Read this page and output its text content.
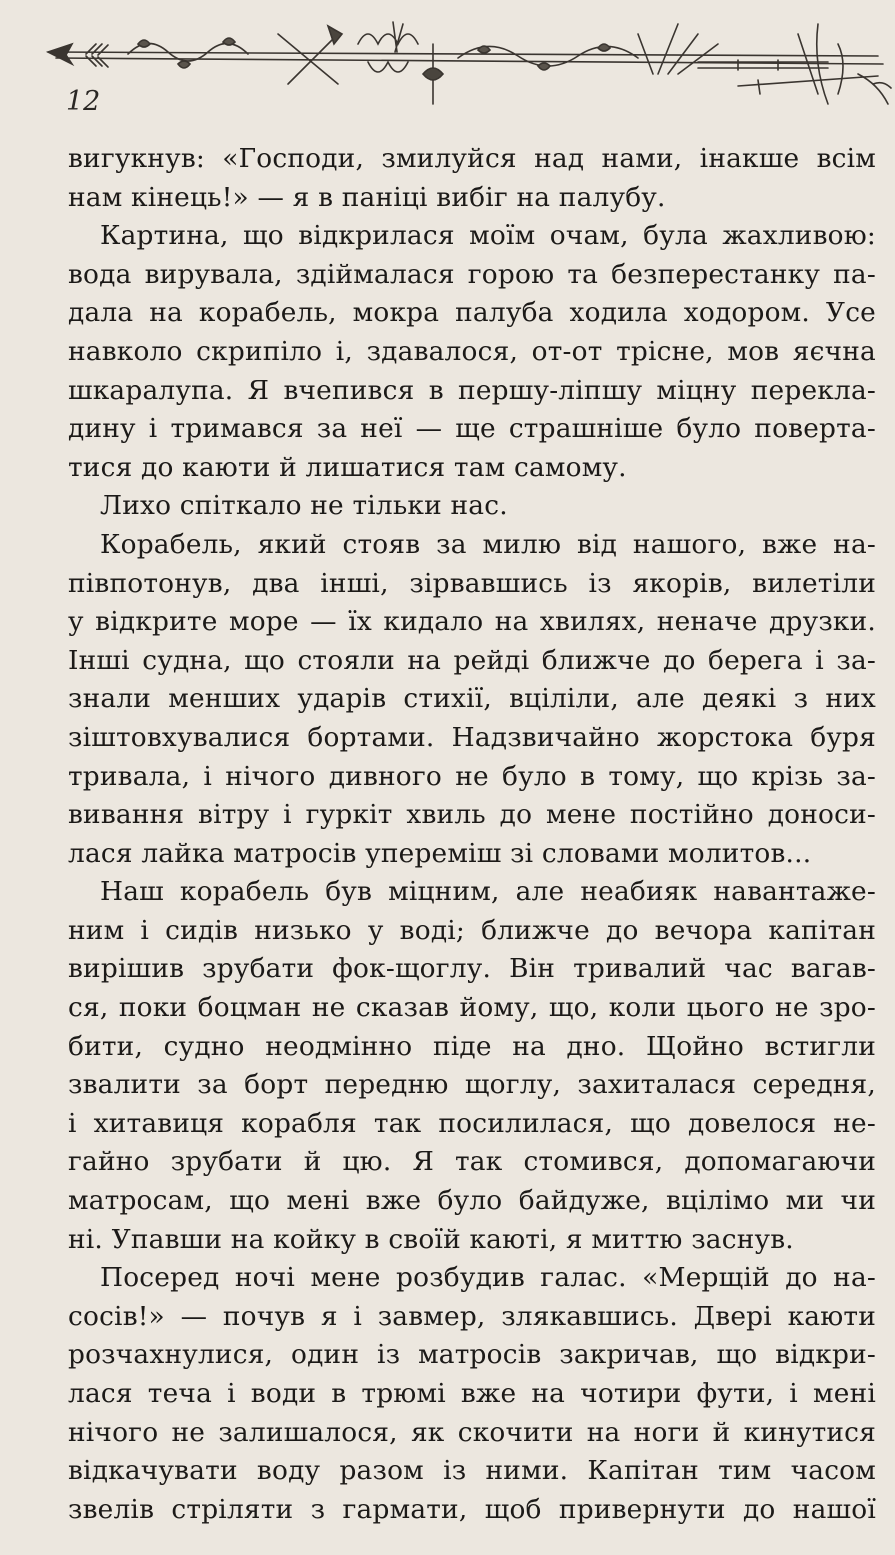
12
вигукнув: «Господи, змилуйся над нами, інакше всім
нам кінець!» — я в паніці вибіг на палубу.
Картина, що відкрилася моїм очам, була жахливою:
вода вирувала, здіймалася горою та безперестанку па-
дала на корабель, мокра палуба ходила ходором. Усе
навколо скрипіло і, здавалося, от-от трісне, мов яєчна
шкаралупа. Я вчепився в першу-ліпшу міцну перекла-
дину і тримався за неї — ще страшніше було поверта-
тися до каюти й лишатися там самому.
Лихо спіткало не тільки нас.
Корабель, який стояв за милю від нашого, вже на-
півпотонув, два інші, зірвавшись із якорів, вилетіли
у відкрите море — їх кидало на хвилях, неначе друзки.
Інші судна, що стояли на рейді ближче до берега і за-
знали менших ударів стихії, вціліли, але деякі з них
зіштовхувалися бортами. Надзвичайно жорстока буря
тривала, і нічого дивного не було в тому, що крізь за-
вивання вітру і гуркіт хвиль до мене постійно доноси-
лася лайка матросів упереміш зі словами молитов...
Наш корабель був міцним, але неабияк навантаже-
ним і сидів низько у воді; ближче до вечора капітан
вирішив зрубати фок-щоглу. Він тривалий час вагав-
ся, поки боцман не сказав йому, що, коли цього не зро-
бити, судно неодмінно піде на дно. Щойно встигли
звалити за борт передню щоглу, захиталася середня,
і хитавиця корабля так посилилася, що довелося не-
гайно зрубати й цю. Я так стомився, допомагаючи
матросам, що мені вже було байдуже, вцілімо ми чи
ні. Упавши на койку в своїй каюті, я миттю заснув.
Посеред ночі мене розбудив галас. «Мерщій до на-
сосів!» — почув я і завмер, злякавшись. Двері каюти
розчахнулися, один із матросів закричав, що відкри-
лася теча і води в трюмі вже на чотири фути, і мені
нічого не залишалося, як скочити на ноги й кинутися
відкачувати воду разом із ними. Капітан тим часом
звелів стріляти з гармати, щоб привернути до нашої
